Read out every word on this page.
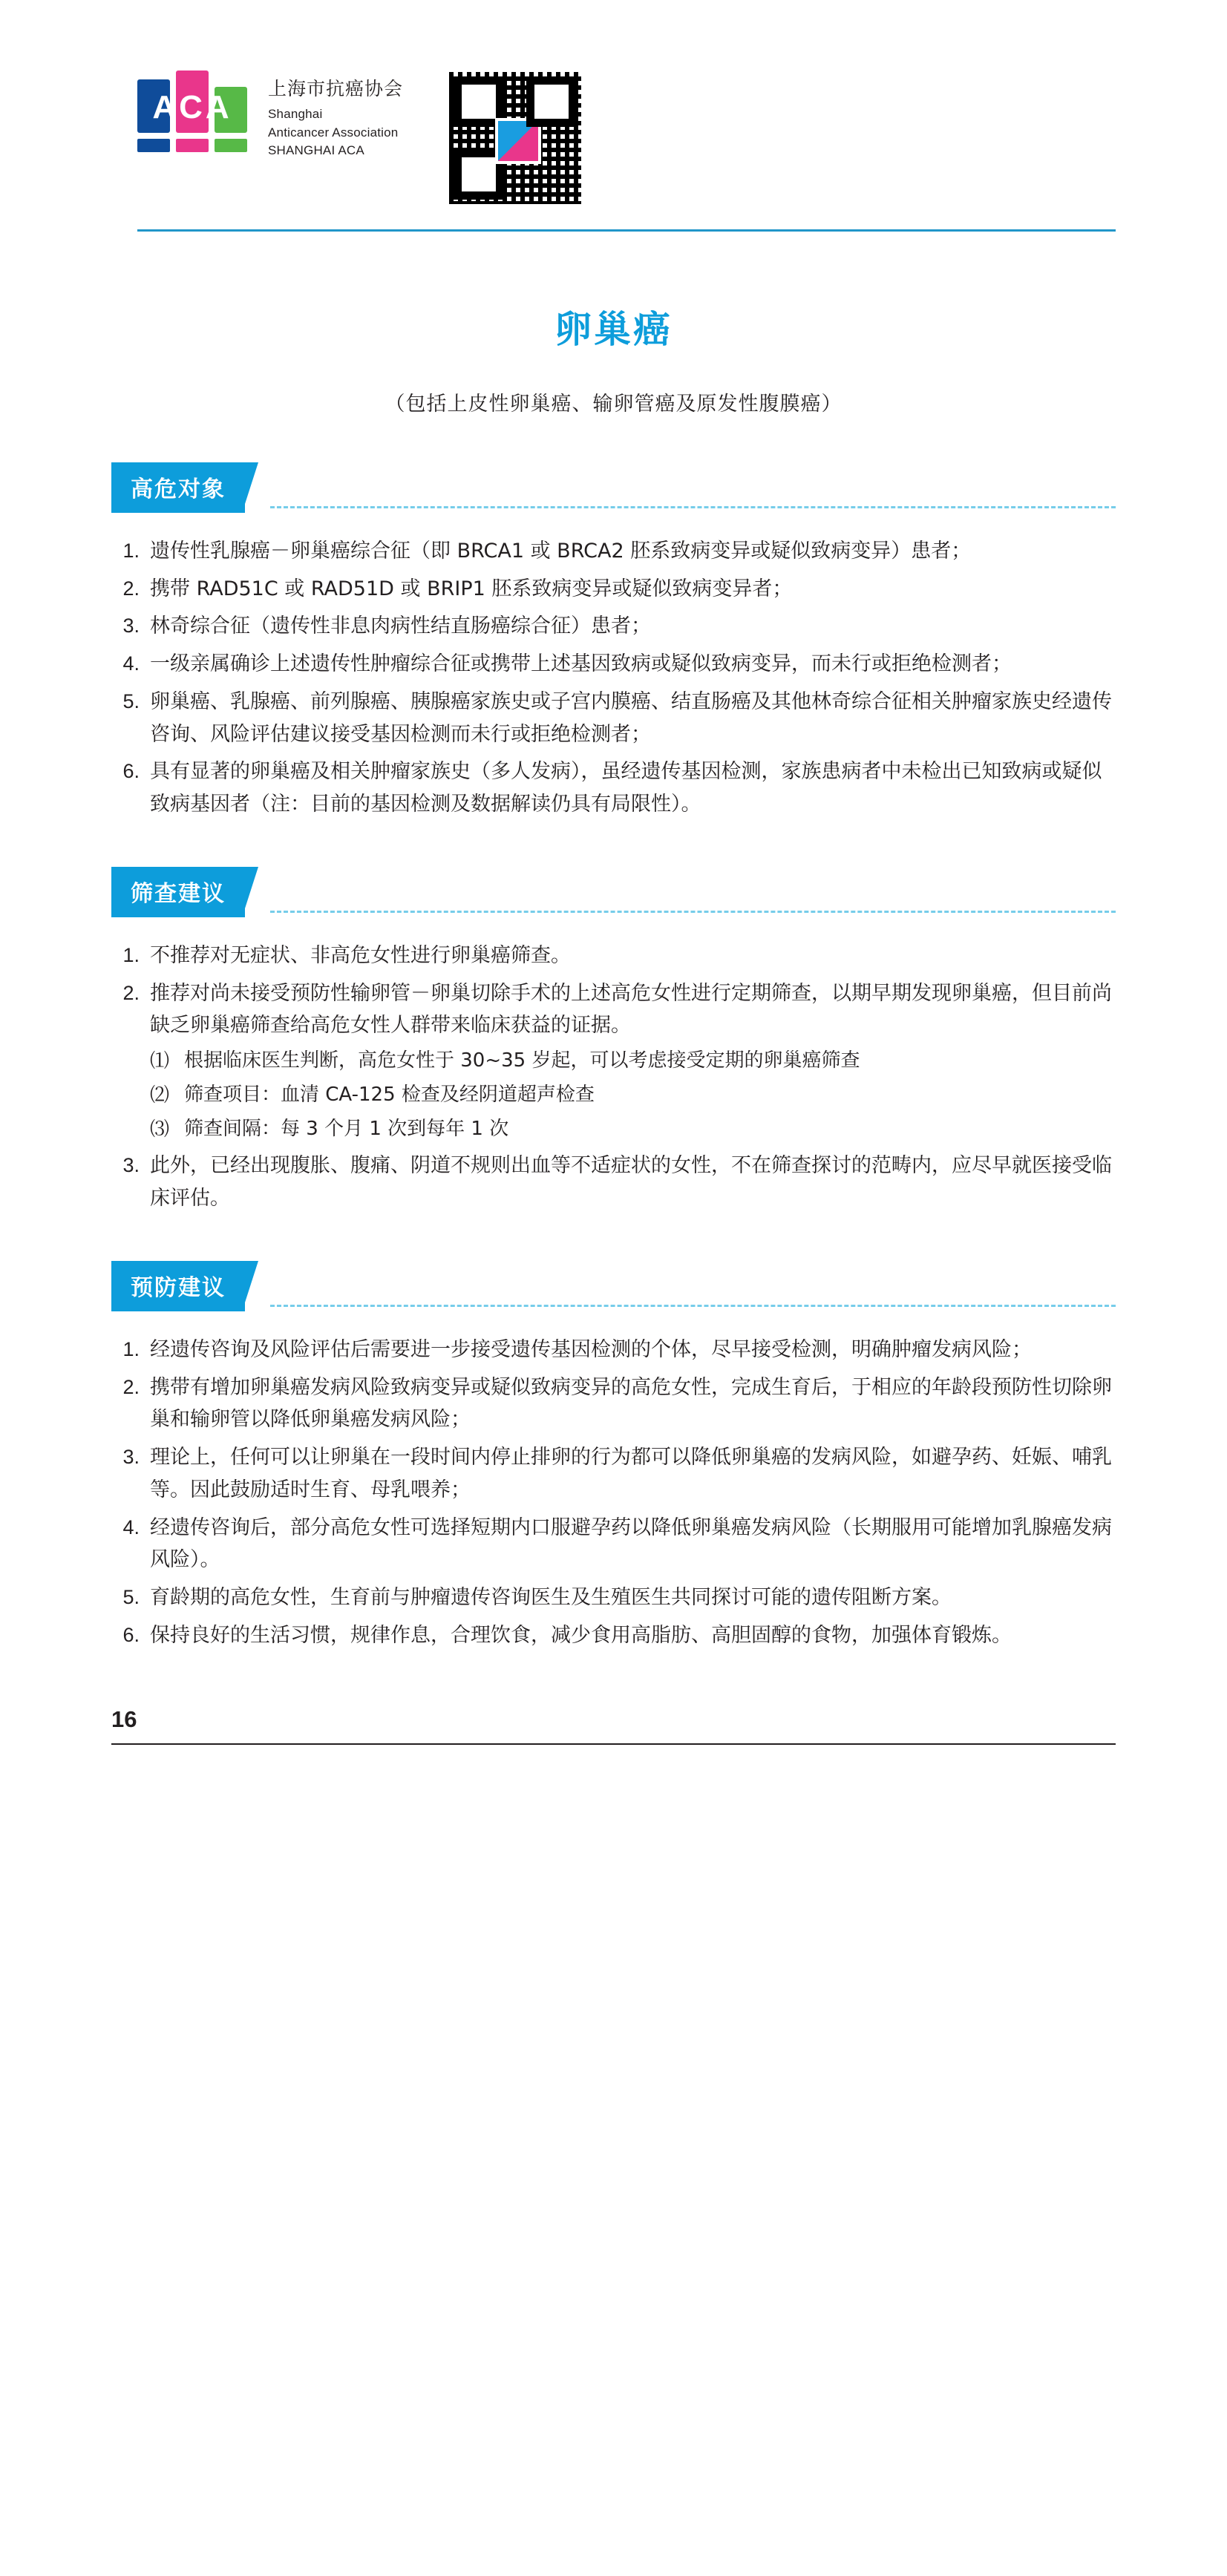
ACA
上海市抗癌协会
Shanghai
Anticancer Association
SHANGHAI ACA
卵巢癌
（包括上皮性卵巢癌、输卵管癌及原发性腹膜癌）
高危对象
1. 遗传性乳腺癌－卵巢癌综合征（即 BRCA1 或 BRCA2 胚系致病变异或疑似致病变异）患者；
2. 携带 RAD51C 或 RAD51D 或 BRIP1 胚系致病变异或疑似致病变异者；
3. 林奇综合征（遗传性非息肉病性结直肠癌综合征）患者；
4. 一级亲属确诊上述遗传性肿瘤综合征或携带上述基因致病或疑似致病变异，而未行或拒绝检测者；
5. 卵巢癌、乳腺癌、前列腺癌、胰腺癌家族史或子宫内膜癌、结直肠癌及其他林奇综合征相关肿瘤家族史经遗传咨询、风险评估建议接受基因检测而未行或拒绝检测者；
6. 具有显著的卵巢癌及相关肿瘤家族史（多人发病），虽经遗传基因检测，家族患病者中未检出已知致病或疑似致病基因者（注：目前的基因检测及数据解读仍具有局限性）。
筛查建议
1. 不推荐对无症状、非高危女性进行卵巢癌筛查。
2. 推荐对尚未接受预防性输卵管－卵巢切除手术的上述高危女性进行定期筛查，以期早期发现卵巢癌，但目前尚缺乏卵巢癌筛查给高危女性人群带来临床获益的证据。
⑴ 根据临床医生判断，高危女性于 30~35 岁起，可以考虑接受定期的卵巢癌筛查
⑵ 筛查项目：血清 CA-125 检查及经阴道超声检查
⑶ 筛查间隔：每 3 个月 1 次到每年 1 次
3. 此外，已经出现腹胀、腹痛、阴道不规则出血等不适症状的女性，不在筛查探讨的范畴内，应尽早就医接受临床评估。
预防建议
1. 经遗传咨询及风险评估后需要进一步接受遗传基因检测的个体，尽早接受检测，明确肿瘤发病风险；
2. 携带有增加卵巢癌发病风险致病变异或疑似致病变异的高危女性，完成生育后，于相应的年龄段预防性切除卵巢和输卵管以降低卵巢癌发病风险；
3. 理论上，任何可以让卵巢在一段时间内停止排卵的行为都可以降低卵巢癌的发病风险，如避孕药、妊娠、哺乳等。因此鼓励适时生育、母乳喂养；
4. 经遗传咨询后，部分高危女性可选择短期内口服避孕药以降低卵巢癌发病风险（长期服用可能增加乳腺癌发病风险）。
5. 育龄期的高危女性，生育前与肿瘤遗传咨询医生及生殖医生共同探讨可能的遗传阻断方案。
6. 保持良好的生活习惯，规律作息，合理饮食，减少食用高脂肪、高胆固醇的食物，加强体育锻炼。
16
